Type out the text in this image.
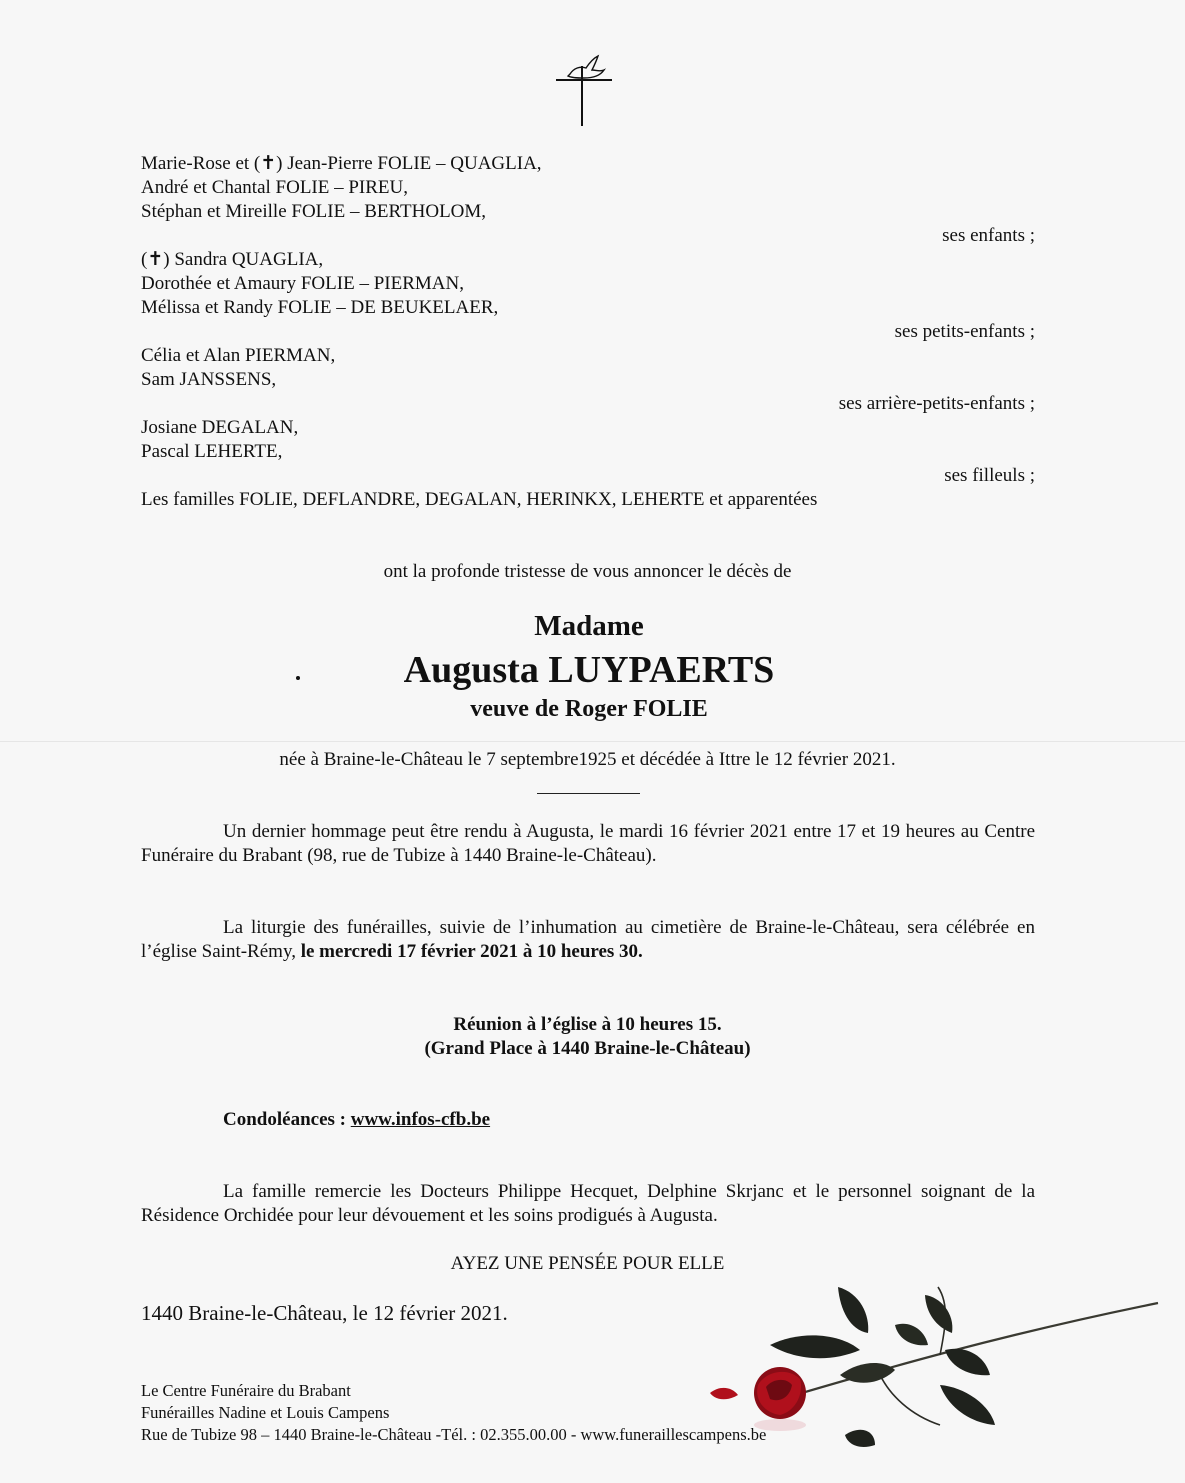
Marie-Rose et (✝) Jean-Pierre FOLIE – QUAGLIA,
André et Chantal FOLIE – PIREU,
Stéphan et Mireille FOLIE – BERTHOLOM,
ses enfants ;
(✝) Sandra QUAGLIA,
Dorothée et Amaury FOLIE – PIERMAN,
Mélissa et Randy FOLIE – DE BEUKELAER,
ses petits-enfants ;
Célia et Alan PIERMAN,
Sam JANSSENS,
ses arrière-petits-enfants ;
Josiane DEGALAN,
Pascal LEHERTE,
ses filleuls ;
Les familles FOLIE, DEFLANDRE, DEGALAN, HERINKX, LEHERTE et apparentées
ont la profonde tristesse de vous annoncer le décès de
Madame
Augusta LUYPAERTS
veuve de Roger FOLIE
née à Braine-le-Château le 7 septembre1925 et décédée à Ittre le 12 février 2021.
Un dernier hommage peut être rendu à Augusta, le mardi 16 février 2021 entre 17 et 19 heures au Centre Funéraire du Brabant (98, rue de Tubize à 1440 Braine-le-Château).
La liturgie des funérailles, suivie de l’inhumation au cimetière de Braine-le-Château, sera célébrée en l’église Saint-Rémy, le mercredi 17 février 2021 à 10 heures 30.
Réunion à l’église à 10 heures 15.
(Grand Place à 1440 Braine-le-Château)
Condoléances : www.infos-cfb.be
La famille remercie les Docteurs Philippe Hecquet, Delphine Skrjanc et le personnel soignant de la Résidence Orchidée pour leur dévouement et les soins prodigués à Augusta.
AYEZ UNE PENSÉE POUR ELLE
1440 Braine-le-Château, le 12 février 2021.
Le Centre Funéraire du Brabant
Funérailles Nadine et Louis Campens
Rue de Tubize 98 – 1440 Braine-le-Château -Tél. : 02.355.00.00 - www.funeraillescampens.be
